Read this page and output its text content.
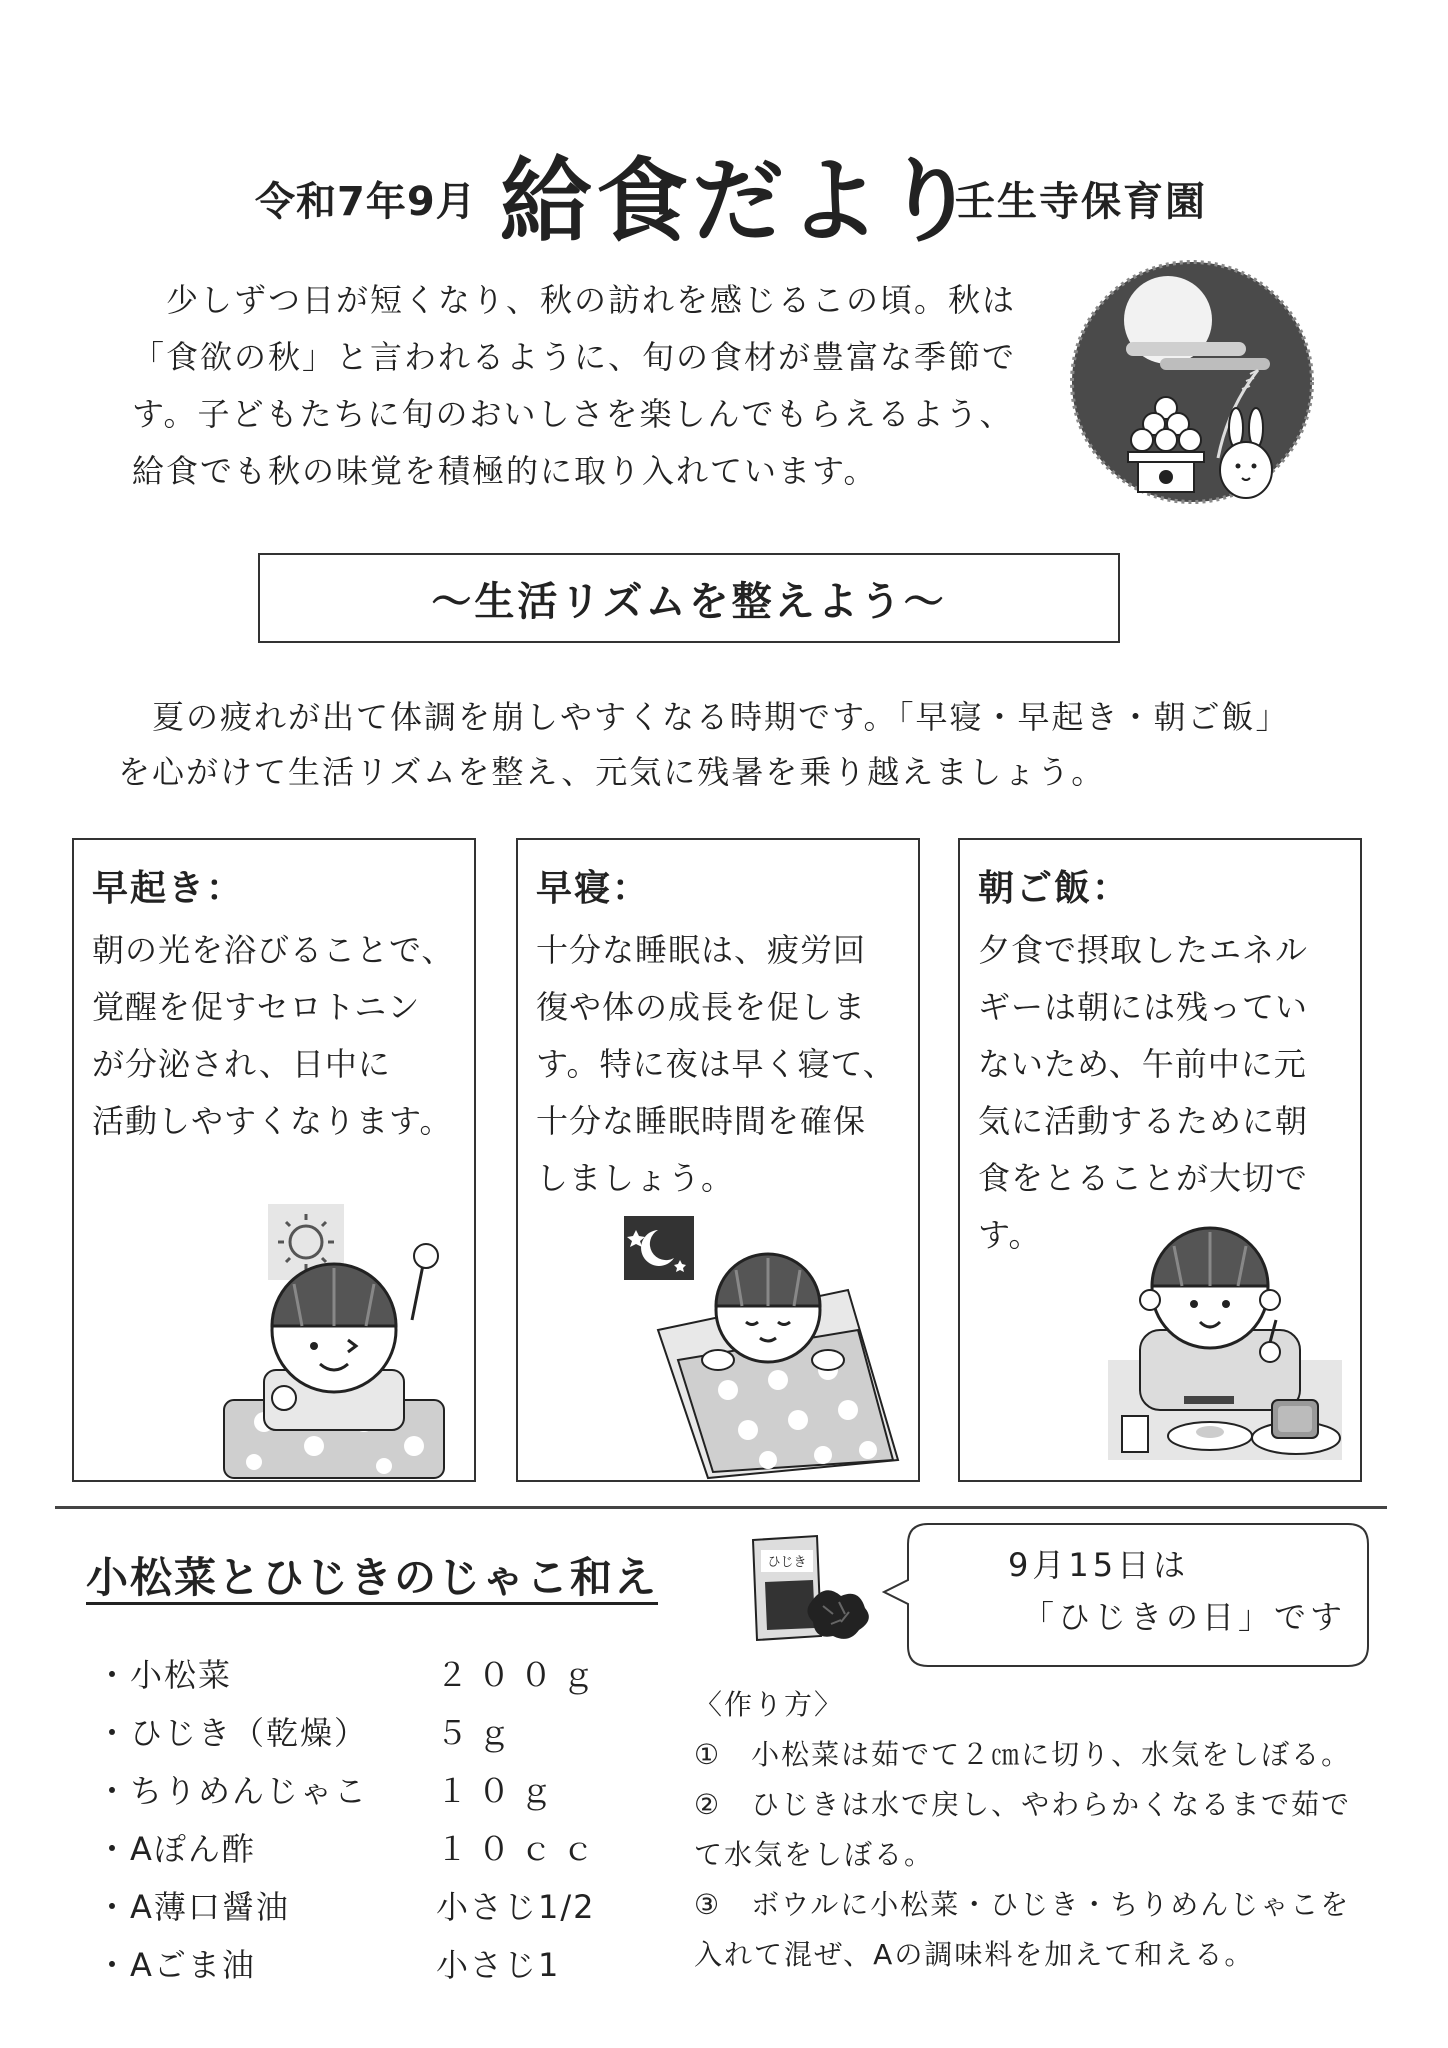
令和7年9月 給食だより
壬生寺保育園

　少しずつ日が短くなり、秋の訪れを感じるこの頃。秋は

「食欲の秋」と言われるように、旬の食材が豊富な季節で

す。子どもたちに旬のおいしさを楽しんでもらえるよう、

給食でも秋の味覚を積極的に取り入れています。

～生活リズムを整えよう～

　夏の疲れが出て体調を崩しやすくなる時期です。「早寝・早起き・朝ご飯」

を心がけて生活リズムを整え、元気に残暑を乗り越えましょう。

早起き：

朝の光を浴びることで、

覚醒を促すセロトニン

が分泌され、日中に

活動しやすくなります。

早寝：

十分な睡眠は、疲労回

復や体の成長を促しま

す。特に夜は早く寝て、

十分な睡眠時間を確保

しましょう。

朝ご飯：

夕食で摂取したエネル

ギーは朝には残ってい

ないため、午前中に元

気に活動するために朝

食をとることが大切で

す。

小松菜とひじきのじゃこ和え	ひじき	9月15日は
「ひじきの日」です
・小松菜	２００ｇ
・ひじき（乾燥） ５ｇ
・ちりめんじゃこ １０ｇ
・Aぽん酢	１０ｃｃ
・A薄口醤油	小さじ1/2
・Aごま油	小さじ1

〈作り方〉

①　小松菜は茹でて２㎝に切り、水気をしぼる。

②　ひじきは水で戻し、やわらかくなるまで茹で

て水気をしぼる。

③　ボウルに小松菜・ひじき・ちりめんじゃこを

入れて混ぜ、Aの調味料を加えて和える。
